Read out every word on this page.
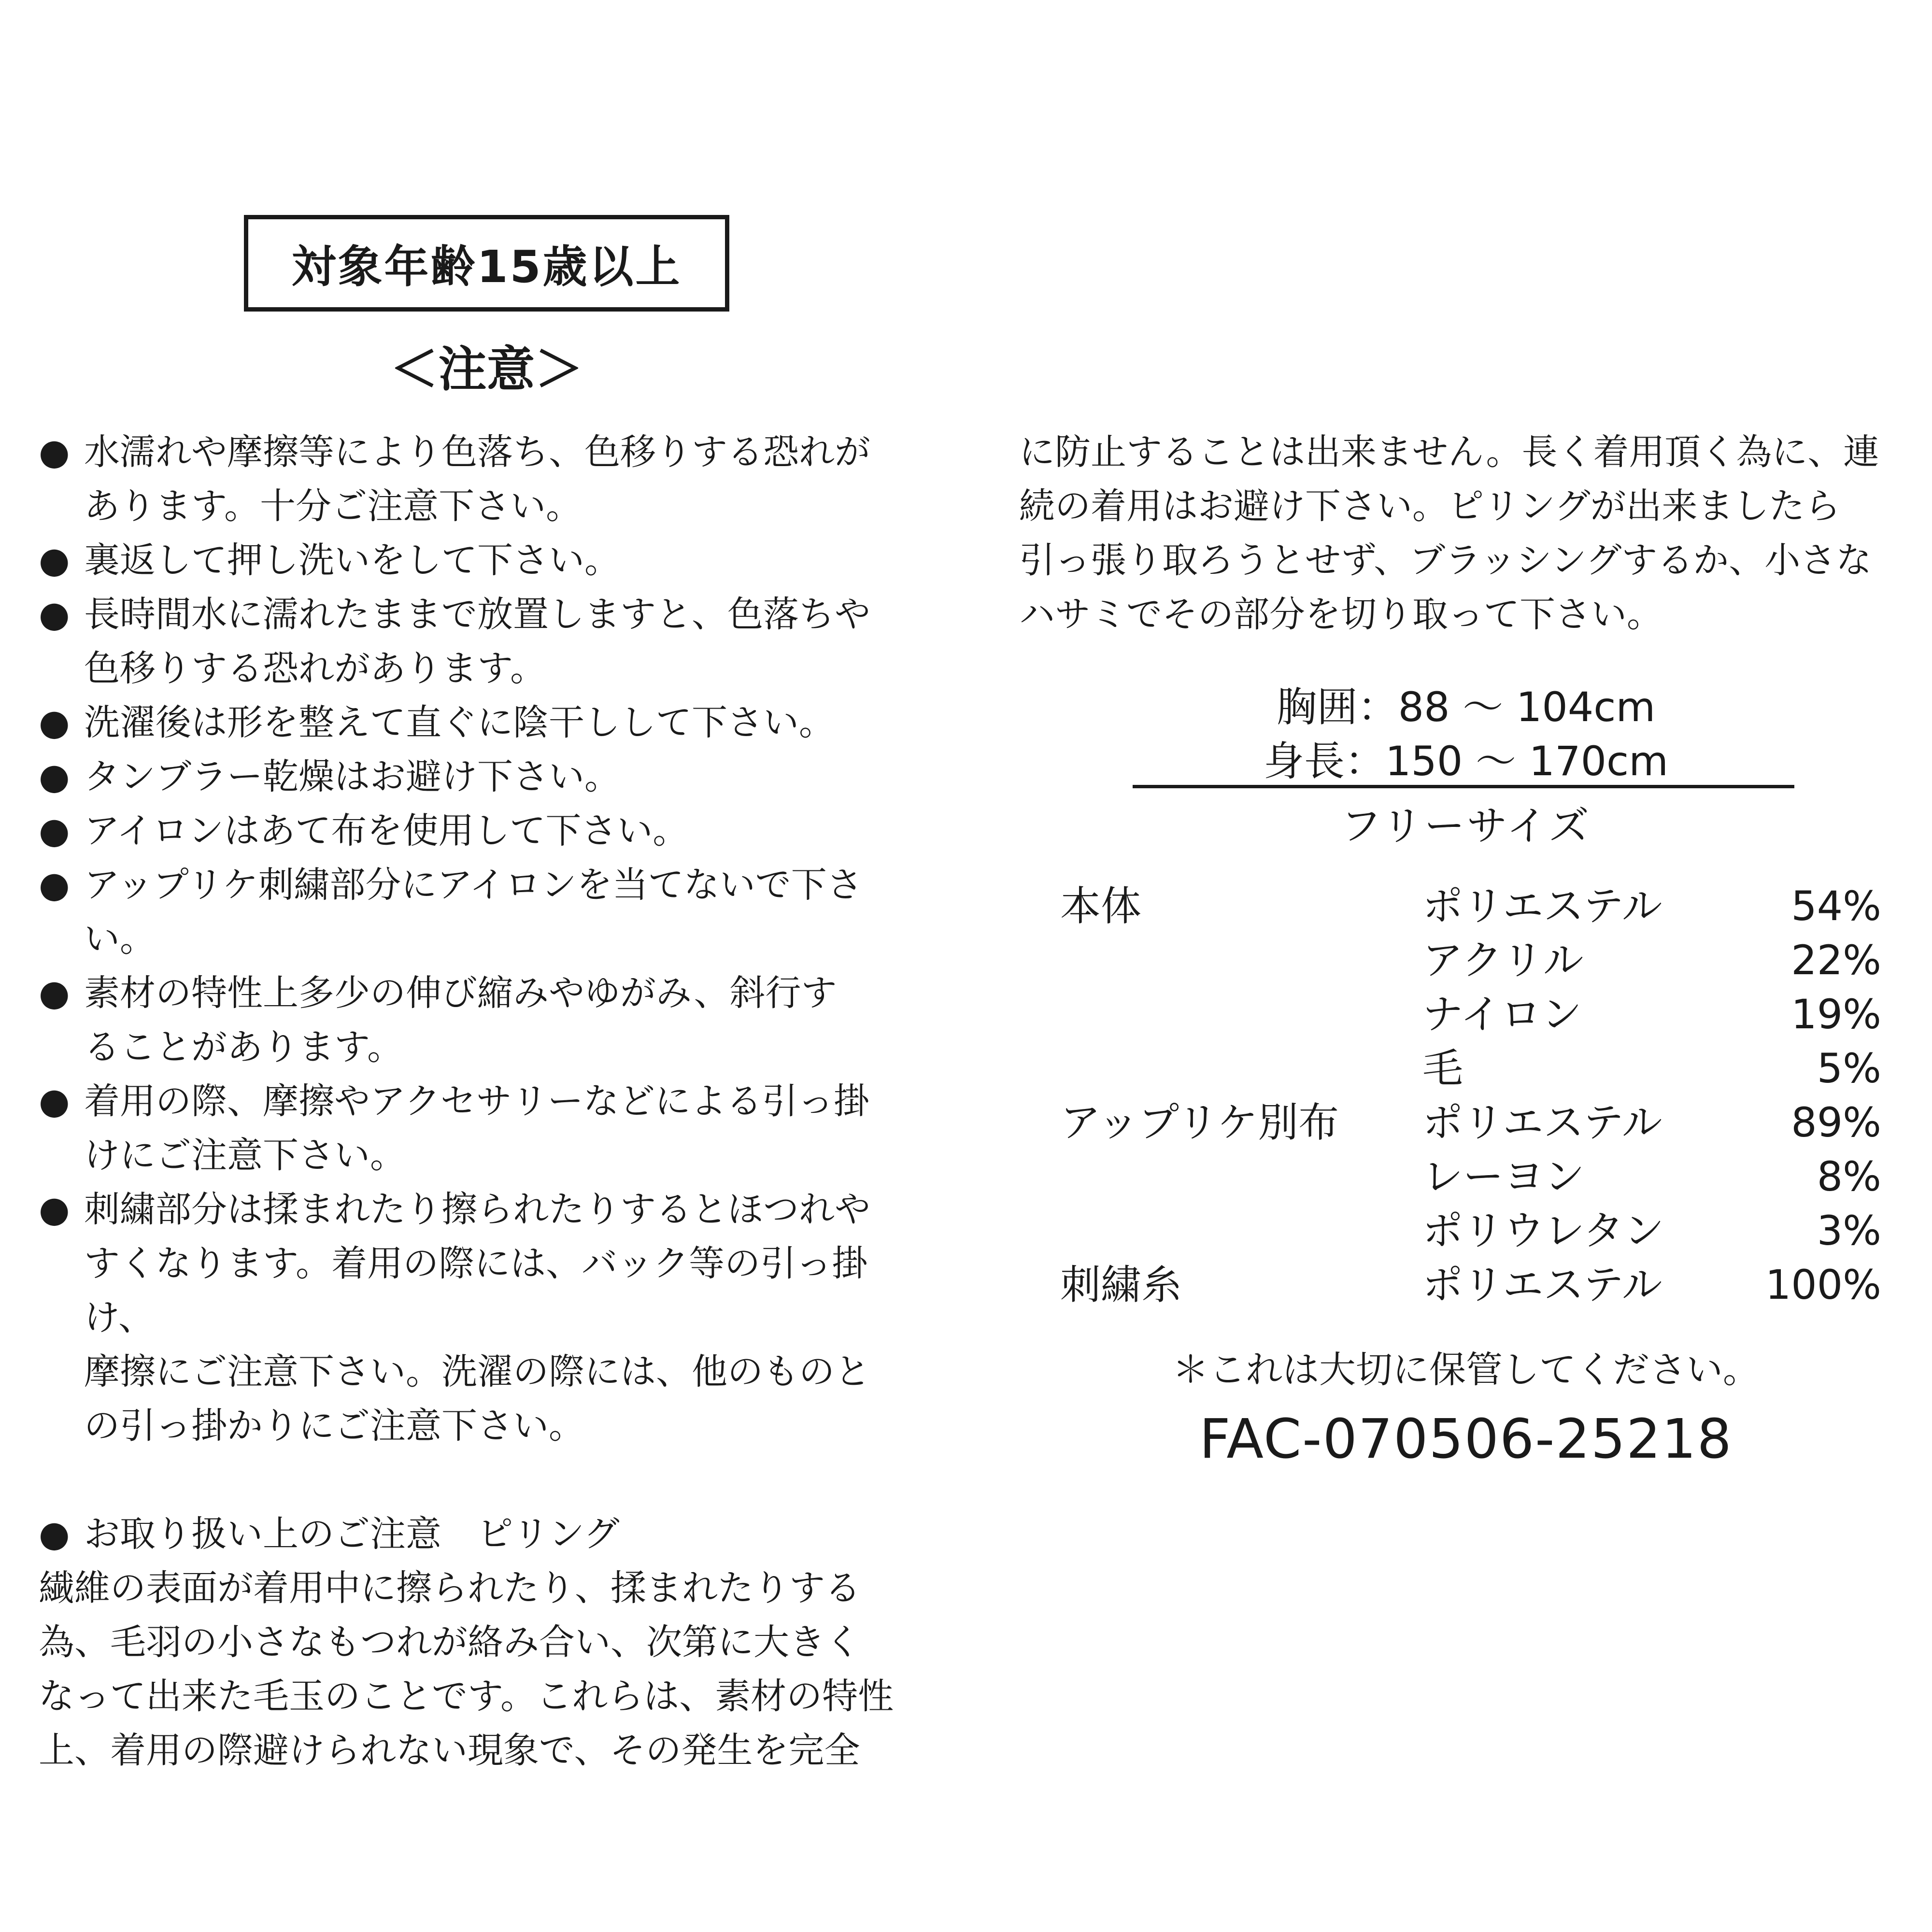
対象年齢15歳以上
＜注意＞
● 水濡れや摩擦等により色落ち、色移りする恐れが
あります。十分ご注意下さい。
● 裏返して押し洗いをして下さい。
● 長時間水に濡れたままで放置しますと、色落ちや
色移りする恐れがあります。
● 洗濯後は形を整えて直ぐに陰干しして下さい。
● タンブラー乾燥はお避け下さい。
● アイロンはあて布を使用して下さい。
● アップリケ刺繍部分にアイロンを当てないで下さ
い。
● 素材の特性上多少の伸び縮みやゆがみ、斜行す
ることがあります。
● 着用の際、摩擦やアクセサリーなどによる引っ掛
けにご注意下さい。
● 刺繍部分は揉まれたり擦られたりするとほつれや
すくなります。着用の際には、バック等の引っ掛け、
摩擦にご注意下さい。洗濯の際には、他のものと
の引っ掛かりにご注意下さい。
● お取り扱い上のご注意　ピリング
繊維の表面が着用中に擦られたり、揉まれたりする
為、毛羽の小さなもつれが絡み合い、次第に大きく
なって出来た毛玉のことです。これらは、素材の特性
上、着用の際避けられない現象で、その発生を完全
に防止することは出来ません。長く着用頂く為に、連
続の着用はお避け下さい。ピリングが出来ましたら
引っ張り取ろうとせず、ブラッシングするか、小さな
ハサミでその部分を切り取って下さい。
胸囲：88 ～ 104cm
身長：150 ～ 170cm
フリーサイズ
本体	ポリエステル	54%
アクリル	22%
ナイロン	19%
毛	5%
アップリケ別布 ポリエステル	89%
レーヨン	8%
ポリウレタン	3%
刺繍糸	ポリエステル	100%
＊これは大切に保管してください。
FAC-070506-25218
